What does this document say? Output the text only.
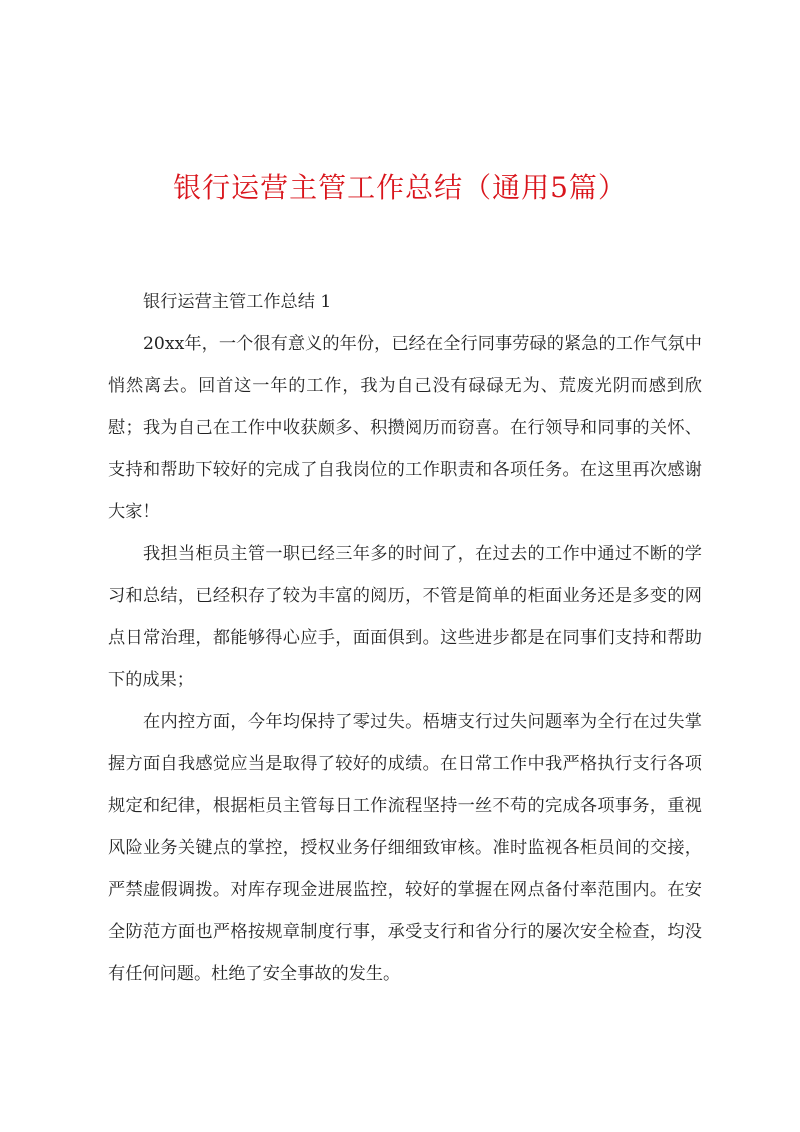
银行运营主管工作总结（通用5篇）

银行运营主管工作总结 1

20xx年，一个很有意义的年份，已经在全行同事劳碌的紧急的工作气氛中悄然离去。回首这一年的工作，我为自己没有碌碌无为、荒废光阴而感到欣慰；我为自己在工作中收获颇多、积攒阅历而窃喜。在行领导和同事的关怀、支持和帮助下较好的完成了自我岗位的工作职责和各项任务。在这里再次感谢大家！

我担当柜员主管一职已经三年多的时间了，在过去的工作中通过不断的学习和总结，已经积存了较为丰富的阅历，不管是简单的柜面业务还是多变的网点日常治理，都能够得心应手，面面俱到。这些进步都是在同事们支持和帮助下的成果；

在内控方面，今年均保持了零过失。梧塘支行过失问题率为全行在过失掌握方面自我感觉应当是取得了较好的成绩。在日常工作中我严格执行支行各项规定和纪律，根据柜员主管每日工作流程坚持一丝不苟的完成各项事务，重视风险业务关键点的掌控，授权业务仔细细致审核。准时监视各柜员间的交接，严禁虚假调拨。对库存现金进展监控，较好的掌握在网点备付率范围内。在安全防范方面也严格按规章制度行事，承受支行和省分行的屡次安全检查，均没有任何问题。杜绝了安全事故的发生。
